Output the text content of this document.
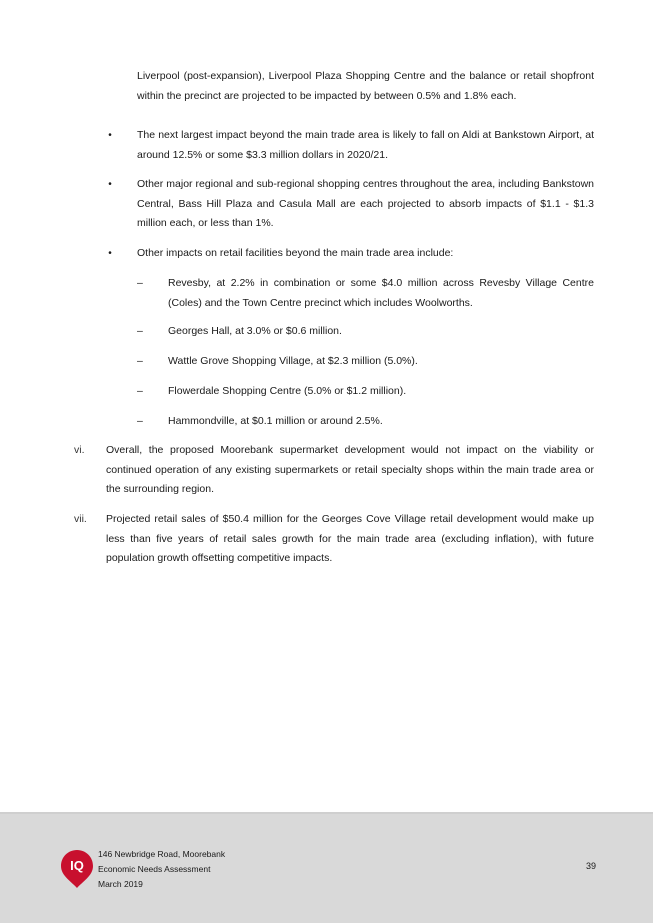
Liverpool (post-expansion), Liverpool Plaza Shopping Centre and the balance or retail shopfront within the precinct are projected to be impacted by between 0.5% and 1.8% each.
•	The next largest impact beyond the main trade area is likely to fall on Aldi at Bankstown Airport, at around 12.5% or some $3.3 million dollars in 2020/21.
•	Other major regional and sub-regional shopping centres throughout the area, including Bankstown Central, Bass Hill Plaza and Casula Mall are each projected to absorb impacts of $1.1 - $1.3 million each, or less than 1%.
•	Other impacts on retail facilities beyond the main trade area include:
–	Revesby, at 2.2% in combination or some $4.0 million across Revesby Village Centre (Coles) and the Town Centre precinct which includes Woolworths.
–	Georges Hall, at 3.0% or $0.6 million.
–	Wattle Grove Shopping Village, at $2.3 million (5.0%).
–	Flowerdale Shopping Centre (5.0% or $1.2 million).
–	Hammondville, at $0.1 million or around 2.5%.
vi.	Overall, the proposed Moorebank supermarket development would not impact on the viability or continued operation of any existing supermarkets or retail specialty shops within the main trade area or the surrounding region.
vii.	Projected retail sales of $50.4 million for the Georges Cove Village retail development would make up less than five years of retail sales growth for the main trade area (excluding inflation), with future population growth offsetting competitive impacts.
IQ
146 Newbridge Road, Moorebank
Economic Needs Assessment
March 2019
39
